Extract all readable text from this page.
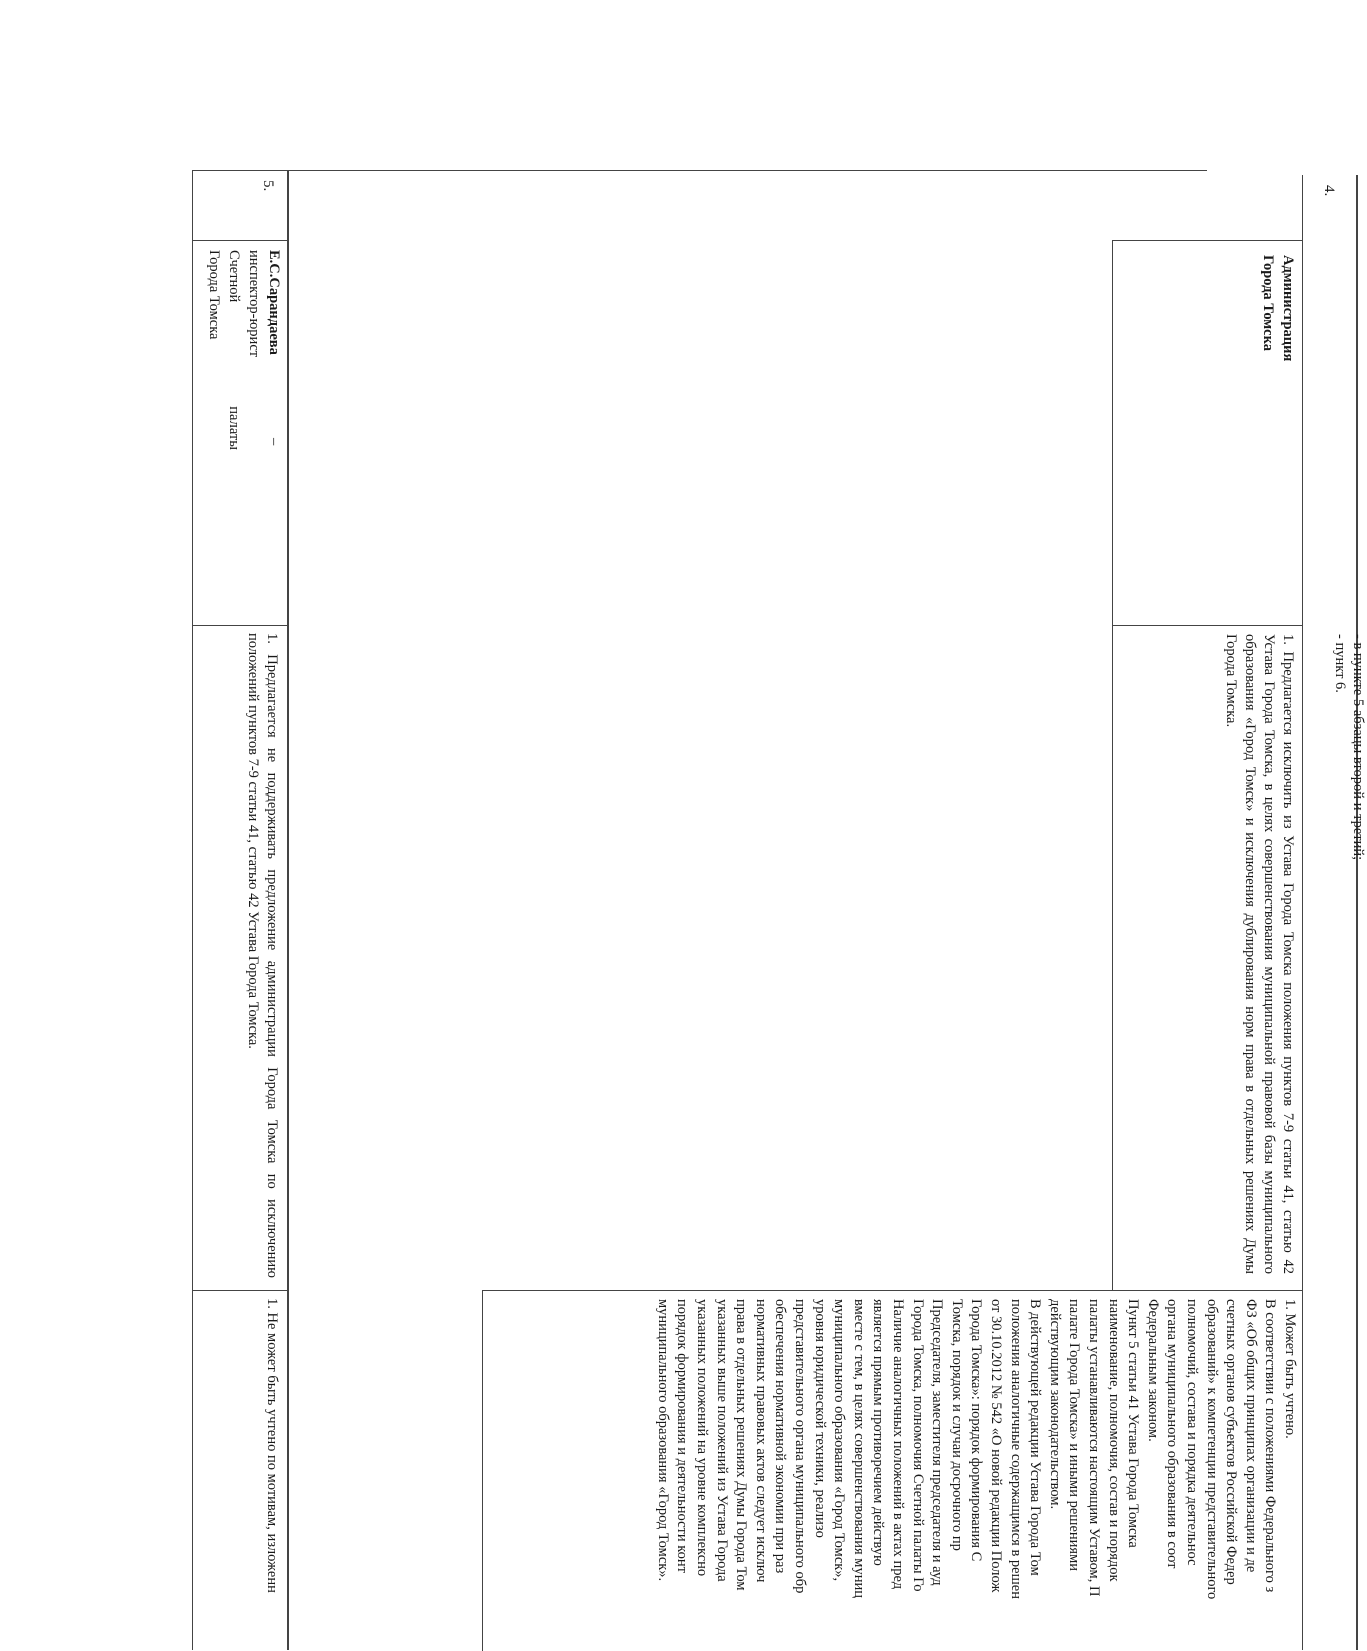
4.
Администрация
Города Томска
- в пункте 5 абзацы второй и третий;
- пункт 6.
1. Предлагается исключить из Устава Города Томска положения пунктов 7-9 статьи 41, статью 42 Устава Города Томска, в целях совершенствования муниципальной правовой базы муниципального образования «Город Томск» и исключения дублирования норм права в отдельных решениях Думы Города Томска.
1. Может быть учтено.
В соответствии с положениями Федерального з
ФЗ «Об общих принципах организации и де
счетных органов субъектов Российской Федер
образований» к компетенции представительного
полномочий, состава и порядка деятельнос
органа муниципального образования в соот
Федеральным законом.
Пункт 5 статьи 41 Устава Города Томска
наименование, полномочия, состав и порядок
палаты устанавливаются настоящим Уставом, П
палате Города Томска» и иными решениями
действующим законодательством.
В действующей редакции Устава Города Том
положения аналогичные содержащимся в решен
от 30.10.2012 № 542 «О новой редакции Полож
Города Томска»: порядок формирования С
Томска, порядок и случаи досрочного пр
Председателя, заместителя председателя и ауд
Города Томска, полномочия Счетной палаты Го
Наличие аналогичных положений в актах пред
является прямым противоречием действую
вместе с тем, в целях совершенствования муниц
муниципального образования «Город Томск»,
уровня юридической техники, реализо
представительного органа муниципального обр
обеспечения нормативной экономии при раз
нормативных правовых актов следует исключ
права в отдельных решениях Думы Города Том
указанных выше положений из Устава Города
указанных положений на уровне комплексно
порядок формирования и деятельности конт
муниципального образования «Город Томск».
5.
Е.С.Сарандаева
–
инспектор-юрист
Счетной
палаты
Города Томска
1. Предлагается не поддерживать предложение администрации Города Томска по исключению положений пунктов 7-9 статьи 41, статью 42 Устава Города Томска.
1. Не может быть учтено по мотивам, изложенн
